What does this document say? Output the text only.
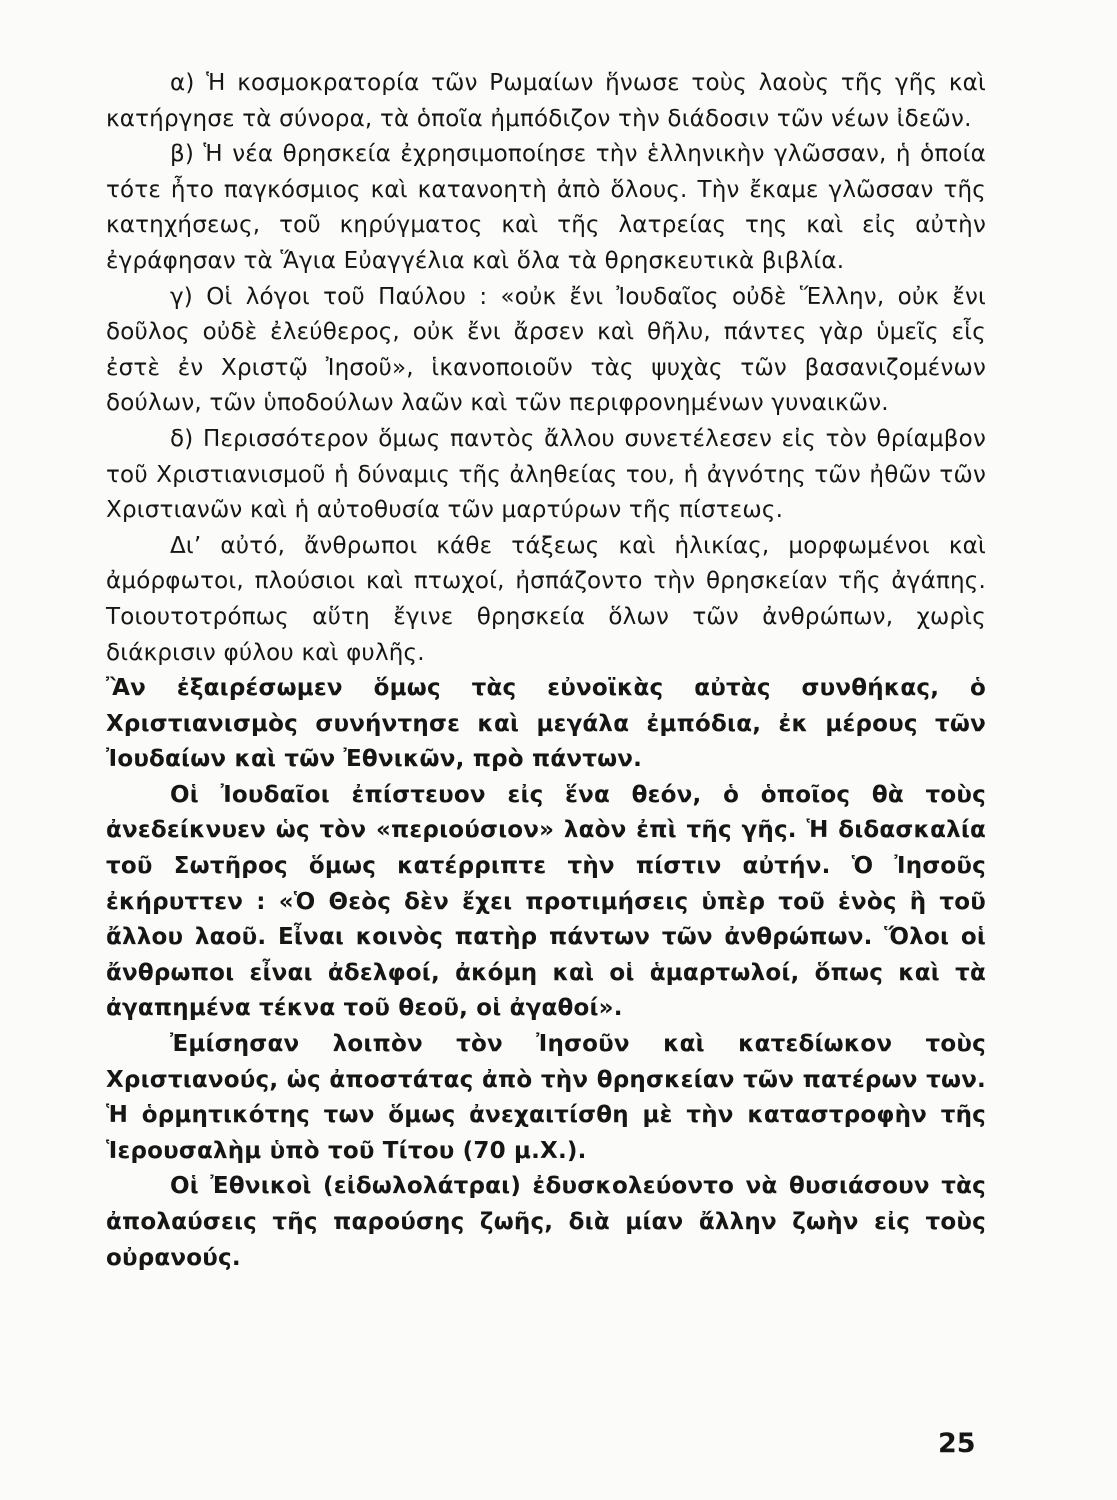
α) Ἡ κοσμοκρατορία τῶν Ρωμαίων ἥνωσε τοὺς λαοὺς τῆς γῆς καὶ κατήργησε τὰ σύνορα, τὰ ὁποῖα ἠμπόδιζον τὴν διάδοσιν τῶν νέων ἰδεῶν.

β) Ἡ νέα θρησκεία ἐχρησιμοποίησε τὴν ἑλληνικὴν γλῶσσαν, ἡ ὁποία τότε ἦτο παγκόσμιος καὶ κατανοητὴ ἀπὸ ὅλους. Τὴν ἔκαμε γλῶσσαν τῆς κατηχήσεως, τοῦ κηρύγματος καὶ τῆς λατρείας της καὶ εἰς αὐτὴν ἐγράφησαν τὰ Ἅγια Εὐαγγέλια καὶ ὅλα τὰ θρησκευτικὰ βιβλία.

γ) Οἱ λόγοι τοῦ Παύλου : «οὐκ ἔνι Ἰουδαῖος οὐδὲ Ἕλλην, οὐκ ἔνι δοῦλος οὐδὲ ἐλεύθερος, οὐκ ἔνι ἄρσεν καὶ θῆλυ, πάντες γὰρ ὑμεῖς εἷς ἐστὲ ἐν Χριστῷ Ἰησοῦ», ἱκανοποιοῦν τὰς ψυχὰς τῶν βασανιζομένων δούλων, τῶν ὑποδούλων λαῶν καὶ τῶν περιφρονημένων γυναικῶν.

δ) Περισσότερον ὅμως παντὸς ἄλλου συνετέλεσεν εἰς τὸν θρίαμβον τοῦ Χριστιανισμοῦ ἡ δύναμις τῆς ἀληθείας του, ἡ ἀγνότης τῶν ἠθῶν τῶν Χριστιανῶν καὶ ἡ αὐτοθυσία τῶν μαρτύρων τῆς πίστεως.

Δι’ αὐτό, ἄνθρωποι κάθε τάξεως καὶ ἡλικίας, μορφωμένοι καὶ ἀμόρφωτοι, πλούσιοι καὶ πτωχοί, ἠσπάζοντο τὴν θρησκείαν τῆς ἀγάπης. Τοιουτοτρόπως αὕτη ἔγινε θρησκεία ὅλων τῶν ἀνθρώπων, χωρὶς διάκρισιν φύλου καὶ φυλῆς.

Ἂν ἐξαιρέσωμεν ὅμως τὰς εὐνοϊκὰς αὐτὰς συνθήκας, ὁ Χριστιανισμὸς συνήντησε καὶ μεγάλα ἐμπόδια, ἐκ μέρους τῶν Ἰουδαίων καὶ τῶν Ἐθνικῶν, πρὸ πάντων.

Οἱ Ἰουδαῖοι ἐπίστευον εἰς ἕνα θεόν, ὁ ὁποῖος θὰ τοὺς ἀνεδείκνυεν ὡς τὸν «περιούσιον» λαὸν ἐπὶ τῆς γῆς. Ἡ διδασκαλία τοῦ Σωτῆρος ὅμως κατέρριπτε τὴν πίστιν αὐτήν. Ὁ Ἰησοῦς ἐκήρυττεν : «Ὁ Θεὸς δὲν ἔχει προτιμήσεις ὑπὲρ τοῦ ἑνὸς ἢ τοῦ ἄλλου λαοῦ. Εἶναι κοινὸς πατὴρ πάντων τῶν ἀνθρώπων. Ὅλοι οἱ ἄνθρωποι εἶναι ἀδελφοί, ἀκόμη καὶ οἱ ἁμαρτωλοί, ὅπως καὶ τὰ ἀγαπημένα τέκνα τοῦ θεοῦ, οἱ ἀγαθοί».

Ἐμίσησαν λοιπὸν τὸν Ἰησοῦν καὶ κατεδίωκον τοὺς Χριστιανούς, ὡς ἀποστάτας ἀπὸ τὴν θρησκείαν τῶν πατέρων των. Ἡ ὁρμητικότης των ὅμως ἀνεχαιτίσθη μὲ τὴν καταστροφὴν τῆς Ἱερουσαλὴμ ὑπὸ τοῦ Τίτου (70 μ.Χ.).

Οἱ Ἐθνικοὶ (εἰδωλολάτραι) ἐδυσκολεύοντο νὰ θυσιάσουν τὰς ἀπολαύσεις τῆς παρούσης ζωῆς, διὰ μίαν ἄλλην ζωὴν εἰς τοὺς οὐρανούς.

25
